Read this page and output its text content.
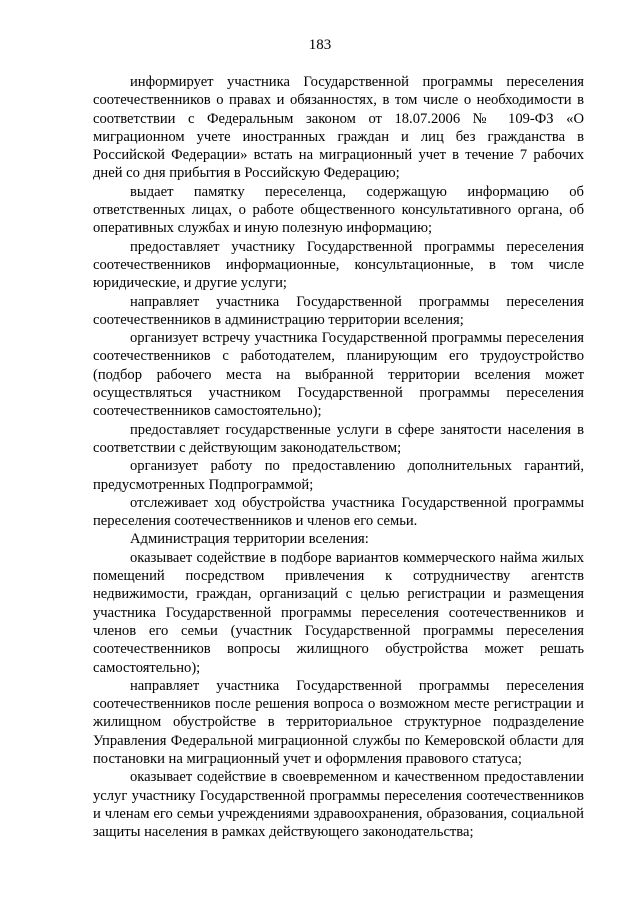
183

информирует участника Государственной программы переселения соотечественников о правах и обязанностях, в том числе о необходимости в соответствии с Федеральным законом от 18.07.2006 № 109-ФЗ «О миграционном учете иностранных граждан и лиц без гражданства в Российской Федерации» встать на миграционный учет в течение 7 рабочих дней со дня прибытия в Российскую Федерацию;

выдает памятку переселенца, содержащую информацию об ответственных лицах, о работе общественного консультативного органа, об оперативных службах и иную полезную информацию;

предоставляет участнику Государственной программы переселения соотечественников информационные, консультационные, в том числе юридические, и другие услуги;

направляет участника Государственной программы переселения соотечественников в администрацию территории вселения;

организует встречу участника Государственной программы переселения соотечественников с работодателем, планирующим его трудоустройство (подбор рабочего места на выбранной территории вселения может осуществляться участником Государственной программы переселения соотечественников самостоятельно);

предоставляет государственные услуги в сфере занятости населения в соответствии с действующим законодательством;

организует работу по предоставлению дополнительных гарантий, предусмотренных Подпрограммой;

отслеживает ход обустройства участника Государственной программы переселения соотечественников и членов его семьи.

Администрация территории вселения:

оказывает содействие в подборе вариантов коммерческого найма жилых помещений посредством привлечения к сотрудничеству агентств недвижимости, граждан, организаций с целью регистрации и размещения участника Государственной программы переселения соотечественников и членов его семьи (участник Государственной программы переселения соотечественников вопросы жилищного обустройства может решать самостоятельно);

направляет участника Государственной программы переселения соотечественников после решения вопроса о возможном месте регистрации и жилищном обустройстве в территориальное структурное подразделение Управления Федеральной миграционной службы по Кемеровской области для постановки на миграционный учет и оформления правового статуса;

оказывает содействие в своевременном и качественном предоставлении услуг участнику Государственной программы переселения соотечественников и членам его семьи учреждениями здравоохранения, образования, социальной защиты населения в рамках действующего законодательства;
